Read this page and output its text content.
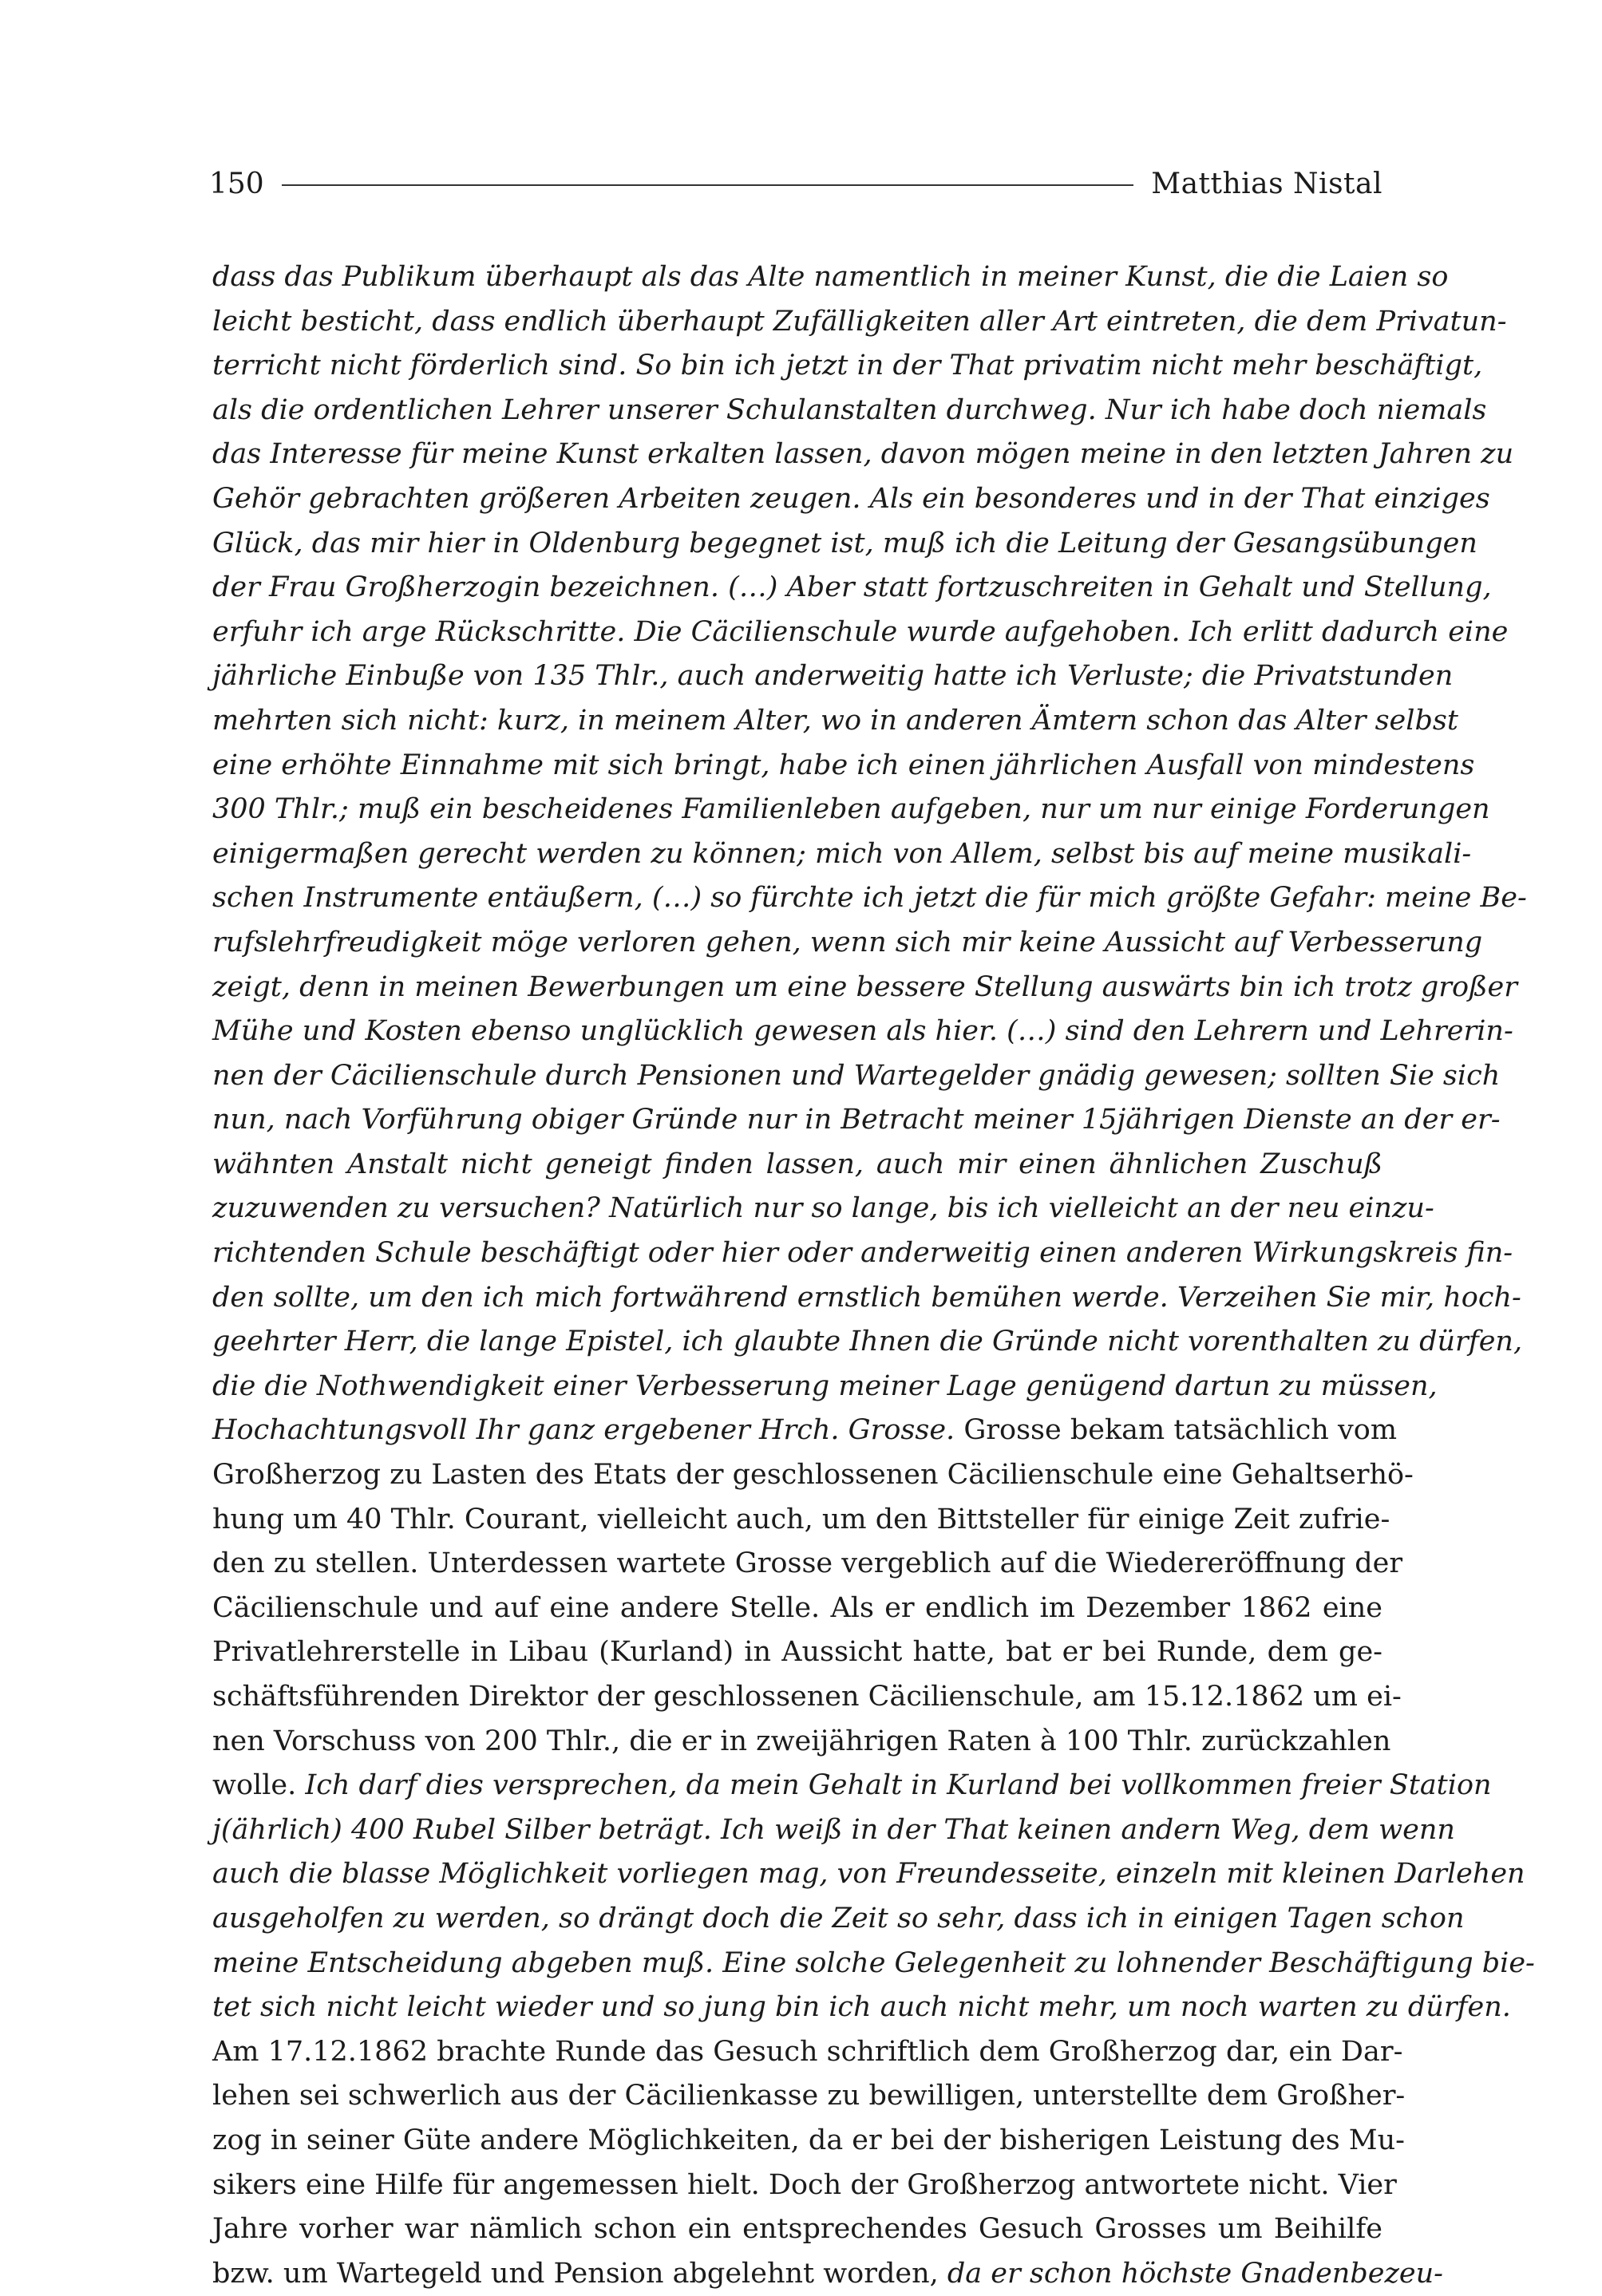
150	Matthias Nistal
dass das Publikum überhaupt als das Alte namentlich in meiner Kunst, die die Laien so
leicht besticht, dass endlich überhaupt Zufälligkeiten aller Art eintreten, die dem Privatun-
terricht nicht förderlich sind. So bin ich jetzt in der That privatim nicht mehr beschäftigt,
als die ordentlichen Lehrer unserer Schulanstalten durchweg. Nur ich habe doch niemals
das Interesse für meine Kunst erkalten lassen, davon mögen meine in den letzten Jahren zu
Gehör gebrachten größeren Arbeiten zeugen. Als ein besonderes und in der That einziges
Glück, das mir hier in Oldenburg begegnet ist, muß ich die Leitung der Gesangsübungen
der Frau Großherzogin bezeichnen. (…) Aber statt fortzuschreiten in Gehalt und Stellung,
erfuhr ich arge Rückschritte. Die Cäcilienschule wurde aufgehoben. Ich erlitt dadurch eine
jährliche Einbuße von 135 Thlr., auch anderweitig hatte ich Verluste; die Privatstunden
mehrten sich nicht: kurz, in meinem Alter, wo in anderen Ämtern schon das Alter selbst
eine erhöhte Einnahme mit sich bringt, habe ich einen jährlichen Ausfall von mindestens
300 Thlr.; muß ein bescheidenes Familienleben aufgeben, nur um nur einige Forderungen
einigermaßen gerecht werden zu können; mich von Allem, selbst bis auf meine musikali-
schen Instrumente entäußern, (…) so fürchte ich jetzt die für mich größte Gefahr: meine Be-
rufslehrfreudigkeit möge verloren gehen, wenn sich mir keine Aussicht auf Verbesserung
zeigt, denn in meinen Bewerbungen um eine bessere Stellung auswärts bin ich trotz großer
Mühe und Kosten ebenso unglücklich gewesen als hier. (…) sind den Lehrern und Lehrerin-
nen der Cäcilienschule durch Pensionen und Wartegelder gnädig gewesen; sollten Sie sich
nun, nach Vorführung obiger Gründe nur in Betracht meiner 15jährigen Dienste an der er-
wähnten Anstalt nicht geneigt finden lassen, auch mir einen ähnlichen Zuschuß
zuzuwenden zu versuchen? Natürlich nur so lange, bis ich vielleicht an der neu einzu-
richtenden Schule beschäftigt oder hier oder anderweitig einen anderen Wirkungskreis fin-
den sollte, um den ich mich fortwährend ernstlich bemühen werde. Verzeihen Sie mir, hoch-
geehrter Herr, die lange Epistel, ich glaubte Ihnen die Gründe nicht vorenthalten zu dürfen,
die die Nothwendigkeit einer Verbesserung meiner Lage genügend dartun zu müssen,
Hochachtungsvoll Ihr ganz ergebener Hrch. Grosse. Grosse bekam tatsächlich vom
Großherzog zu Lasten des Etats der geschlossenen Cäcilienschule eine Gehaltserhö-
hung um 40 Thlr. Courant, vielleicht auch, um den Bittsteller für einige Zeit zufrie-
den zu stellen. Unterdessen wartete Grosse vergeblich auf die Wiedereröffnung der
Cäcilienschule und auf eine andere Stelle. Als er endlich im Dezember 1862 eine
Privatlehrerstelle in Libau (Kurland) in Aussicht hatte, bat er bei Runde, dem ge-
schäftsführenden Direktor der geschlossenen Cäcilienschule, am 15.12.1862 um ei-
nen Vorschuss von 200 Thlr., die er in zweijährigen Raten à 100 Thlr. zurückzahlen
wolle. Ich darf dies versprechen, da mein Gehalt in Kurland bei vollkommen freier Station
j(ährlich) 400 Rubel Silber beträgt. Ich weiß in der That keinen andern Weg, dem wenn
auch die blasse Möglichkeit vorliegen mag, von Freundesseite, einzeln mit kleinen Darlehen
ausgeholfen zu werden, so drängt doch die Zeit so sehr, dass ich in einigen Tagen schon
meine Entscheidung abgeben muß. Eine solche Gelegenheit zu lohnender Beschäftigung bie-
tet sich nicht leicht wieder und so jung bin ich auch nicht mehr, um noch warten zu dürfen.
Am 17.12.1862 brachte Runde das Gesuch schriftlich dem Großherzog dar, ein Dar-
lehen sei schwerlich aus der Cäcilienkasse zu bewilligen, unterstellte dem Großher-
zog in seiner Güte andere Möglichkeiten, da er bei der bisherigen Leistung des Mu-
sikers eine Hilfe für angemessen hielt. Doch der Großherzog antwortete nicht. Vier
Jahre vorher war nämlich schon ein entsprechendes Gesuch Grosses um Beihilfe
bzw. um Wartegeld und Pension abgelehnt worden, da er schon höchste Gnadenbezeu-
